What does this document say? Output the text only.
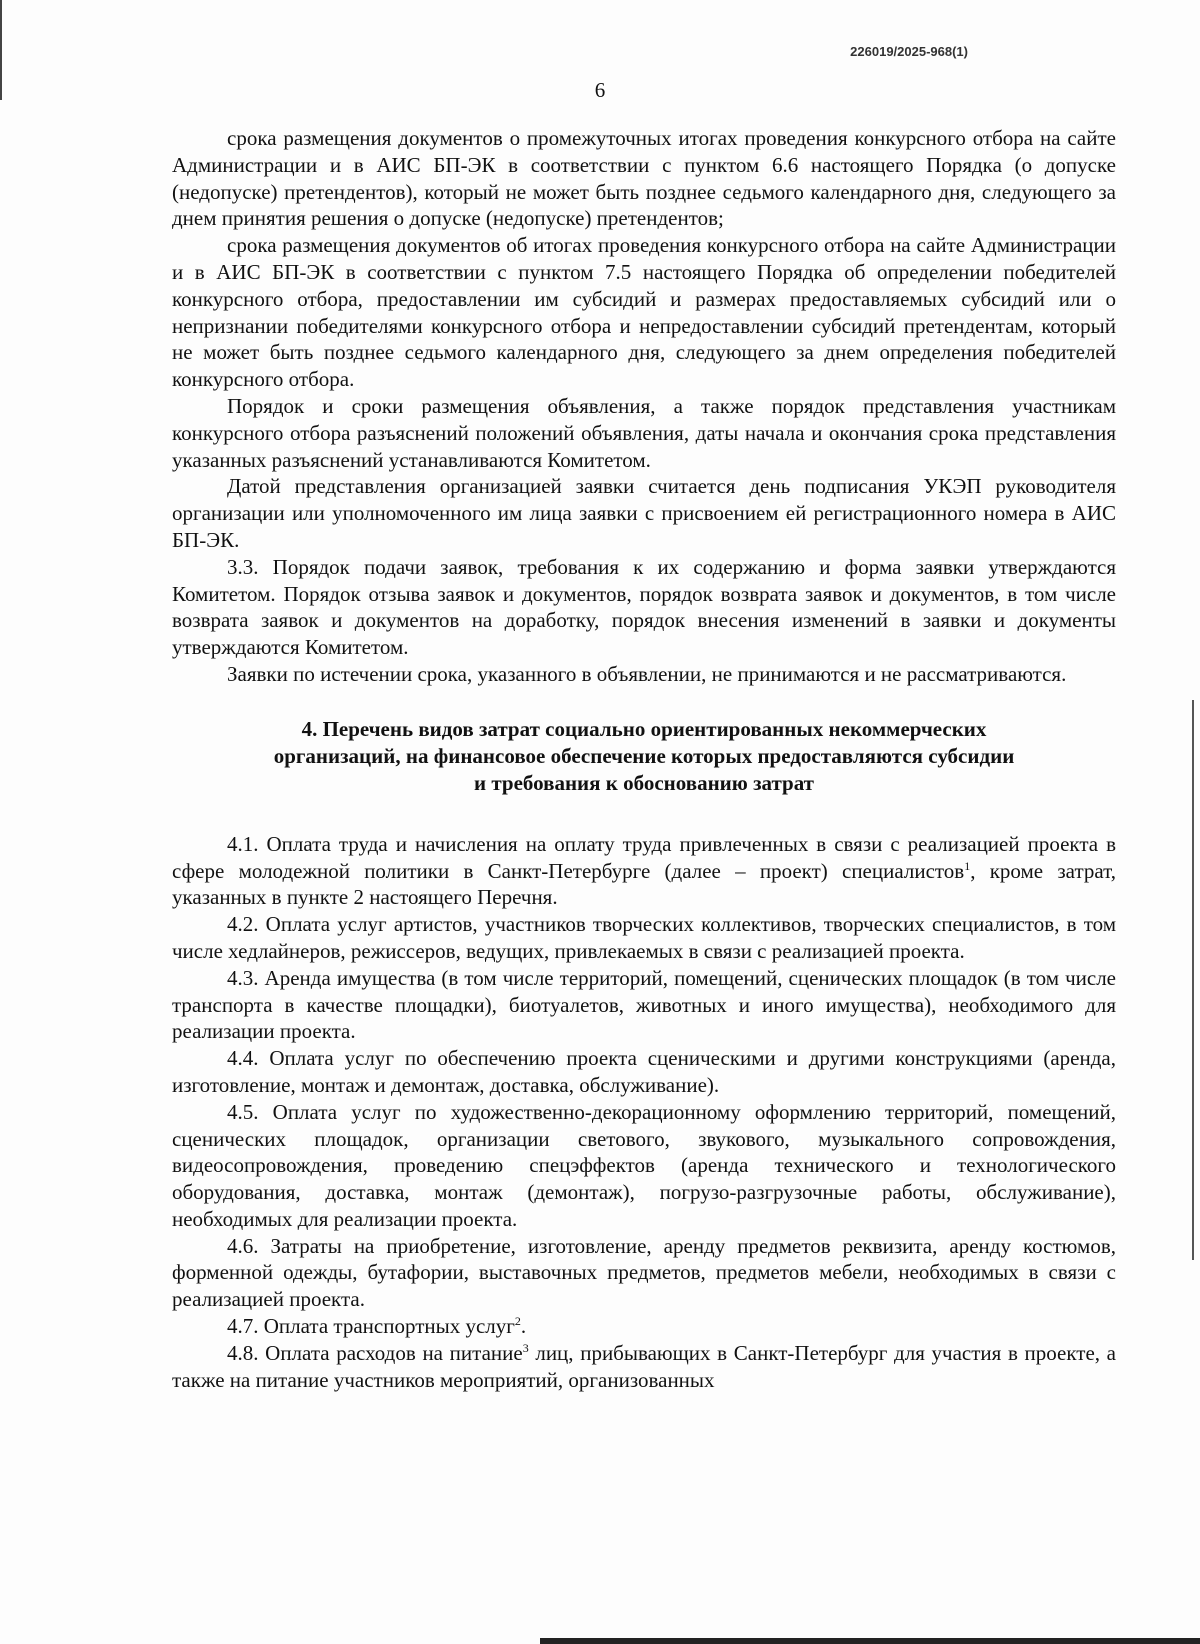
226019/2025-968(1)
6

срока размещения документов о промежуточных итогах проведения конкурсного отбора на сайте Администрации и в АИС БП-ЭК в соответствии с пунктом 6.6 настоящего Порядка (о допуске (недопуске) претендентов), который не может быть позднее седьмого календарного дня, следующего за днем принятия решения о допуске (недопуске) претендентов;

срока размещения документов об итогах проведения конкурсного отбора на сайте Администрации и в АИС БП-ЭК в соответствии с пунктом 7.5 настоящего Порядка об определении победителей конкурсного отбора, предоставлении им субсидий и размерах предоставляемых субсидий или о непризнании победителями конкурсного отбора и непредоставлении субсидий претендентам, который не может быть позднее седьмого календарного дня, следующего за днем определения победителей конкурсного отбора.

Порядок и сроки размещения объявления, а также порядок представления участникам конкурсного отбора разъяснений положений объявления, даты начала и окончания срока представления указанных разъяснений устанавливаются Комитетом.

Датой представления организацией заявки считается день подписания УКЭП руководителя организации или уполномоченного им лица заявки с присвоением ей регистрационного номера в АИС БП-ЭК.

3.3. Порядок подачи заявок, требования к их содержанию и форма заявки утверждаются Комитетом. Порядок отзыва заявок и документов, порядок возврата заявок и документов, в том числе возврата заявок и документов на доработку, порядок внесения изменений в заявки и документы утверждаются Комитетом.

Заявки по истечении срока, указанного в объявлении, не принимаются и не рассматриваются.

4. Перечень видов затрат социально ориентированных некоммерческих
организаций, на финансовое обеспечение которых предоставляются субсидии
и требования к обоснованию затрат

4.1. Оплата труда и начисления на оплату труда привлеченных в связи с реализацией проекта в сфере молодежной политики в Санкт-Петербурге (далее – проект) специалистов$^1$, кроме затрат, указанных в пункте 2 настоящего Перечня.

4.2. Оплата услуг артистов, участников творческих коллективов, творческих специалистов, в том числе хедлайнеров, режиссеров, ведущих, привлекаемых в связи с реализацией проекта.

4.3. Аренда имущества (в том числе территорий, помещений, сценических площадок (в том числе транспорта в качестве площадки), биотуалетов, животных и иного имущества), необходимого для реализации проекта.

4.4. Оплата услуг по обеспечению проекта сценическими и другими конструкциями (аренда, изготовление, монтаж и демонтаж, доставка, обслуживание).

4.5. Оплата услуг по художественно-декорационному оформлению территорий, помещений, сценических площадок, организации светового, звукового, музыкального сопровождения, видеосопровождения, проведению спецэффектов (аренда технического и технологического оборудования, доставка, монтаж (демонтаж), погрузо-разгрузочные работы, обслуживание), необходимых для реализации проекта.

4.6. Затраты на приобретение, изготовление, аренду предметов реквизита, аренду костюмов, форменной одежды, бутафории, выставочных предметов, предметов мебели, необходимых в связи с реализацией проекта.

4.7. Оплата транспортных услуг$^2$.

4.8. Оплата расходов на питание$^3$ лиц, прибывающих в Санкт-Петербург для участия в проекте, а также на питание участников мероприятий, организованных
